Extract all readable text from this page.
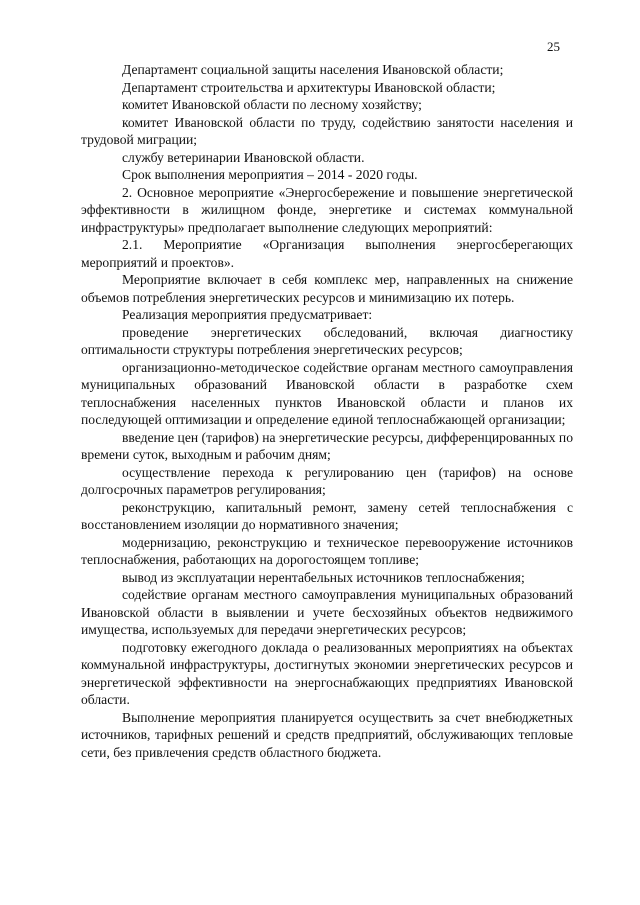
25

Департамент социальной защиты населения Ивановской области;

Департамент строительства и архитектуры Ивановской области;

комитет Ивановской области по лесному хозяйству;

комитет Ивановской области по труду, содействию занятости населения и трудовой миграции;

службу ветеринарии Ивановской области.

Срок выполнения мероприятия – 2014 - 2020 годы.

2. Основное мероприятие «Энергосбережение и повышение энергетической эффективности в жилищном фонде, энергетике и системах коммунальной инфраструктуры» предполагает выполнение следующих мероприятий:

2.1. Мероприятие «Организация выполнения энергосберегающих мероприятий и проектов».

Мероприятие включает в себя комплекс мер, направленных на снижение объемов потребления энергетических ресурсов и минимизацию их потерь.

Реализация мероприятия предусматривает:

проведение энергетических обследований, включая диагностику оптимальности структуры потребления энергетических ресурсов;

организационно-методическое содействие органам местного самоуправления муниципальных образований Ивановской области в разработке схем теплоснабжения населенных пунктов Ивановской области и планов их последующей оптимизации и определение единой теплоснабжающей организации;

введение цен (тарифов) на энергетические ресурсы, дифференцированных по времени суток, выходным и рабочим дням;

осуществление перехода к регулированию цен (тарифов) на основе долгосрочных параметров регулирования;

реконструкцию, капитальный ремонт, замену сетей теплоснабжения с восстановлением изоляции до нормативного значения;

модернизацию, реконструкцию и техническое перевооружение источников теплоснабжения, работающих на дорогостоящем топливе;

вывод из эксплуатации нерентабельных источников теплоснабжения;

содействие органам местного самоуправления муниципальных образований Ивановской области в выявлении и учете бесхозяйных объектов недвижимого имущества, используемых для передачи энергетических ресурсов;

подготовку ежегодного доклада о реализованных мероприятиях на объектах коммунальной инфраструктуры, достигнутых экономии энергетических ресурсов и энергетической эффективности на энергоснабжающих предприятиях Ивановской области.

Выполнение мероприятия планируется осуществить за счет внебюджетных источников, тарифных решений и средств предприятий, обслуживающих тепловые сети, без привлечения средств областного бюджета.
